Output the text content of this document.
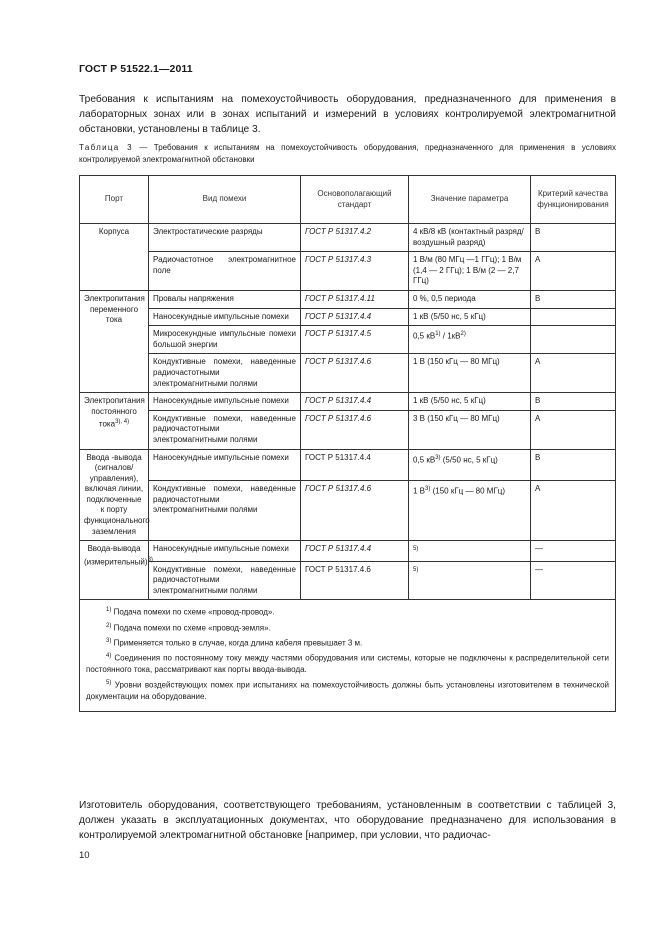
ГОСТ Р 51522.1—2011

Требования к испытаниям на помехоустойчивость оборудования, предназначенного для применения в лабораторных зонах или в зонах испытаний и измерений в условиях контролируемой электромагнитной обстановки, установлены в таблице 3.

Таблица 3 — Требования к испытаниям на помехоустойчивость оборудования, предназначенного для применения в условиях контролируемой электромагнитной обстановки

Порт	Вид помехи	Основополагающий стандарт	Значение параметра	Критерий качества функционирования
Корпуса	Электростатические разряды	ГОСТ Р 51317.4.2	4 кВ/8 кВ (контактный разряд/ воздушный разряд)	B
	Радиочастотное электромагнитное поле	ГОСТ Р 51317.4.3	1 В/м (80 МГц —1 ГГц); 1 В/м (1,4 — 2 ГГц); 1 В/м (2 — 2,7 ГГц)	A
Электропитания переменного тока	Провалы напряжения	ГОСТ Р 51317.4.11	0 %, 0,5 периода	B
	Наносекундные импульсные помехи	ГОСТ Р 51317.4.4	1 кВ (5/50 нс, 5 кГц)	
	Микросекундные импульсные помехи большой энергии	ГОСТ Р 51317.4.5	0,5 $кВ^{1)} / 1кВ^{2)}$	
	Кондуктивные помехи, наведенные радиочастотными электромагнитными полями	ГОСТ Р 51317.4.6	1 В (150 кГц — 80 МГц)	A
Электропитания постоянного тока$^{3), 4)}$	Наносекундные импульсные помехи	ГОСТ Р 51317.4.4	1 кВ (5/50 нс, 5 кГц)	B
	Кондуктивные помехи, наведенные радиочастотными электромагнитными полями	ГОСТ Р 51317.4.6	3 В (150 кГц — 80 МГц)	A
Ввода -вывода (сигналов/ управления), включая линии, подключенные к порту функционального заземления	Наносекундные импульсные помехи	ГОСТ Р 51317.4.4	0,5 $кВ^{3)}$ (5/50 нс, 5 кГц)	B
	Кондуктивные помехи, наведенные радиочастотными электромагнитными полями	ГОСТ Р 51317.4.6	1 $В^{3)}$ (150 кГц — 80 МГц)	A
Ввода-вывода (измерительный)$^{3)}$	Наносекундные импульсные помехи	ГОСТ Р 51317.4.4	$^{5)}$	—
	Кондуктивные помехи, наведенные радиочастотными электромагнитными полями	ГОСТ Р 51317.4.6	$^{5)}$	—

$^{1)}$ Подача помехи по схеме «провод-провод».

$^{2)}$ Подача помехи по схеме «провод-земля».

$^{3)}$ Применяется только в случае, когда длина кабеля превышает 3 м.

$^{4)}$ Соединения по постоянному току между частями оборудования или системы, которые не подключены к распределительной сети постоянного тока, рассматривают как порты ввода-вывода.

$^{5)}$ Уровни воздействующих помех при испытаниях на помехоустойчивость должны быть установлены изготовителем в технической документации на оборудование.				

Изготовитель оборудования, соответствующего требованиям, установленным в соответствии с таблицей 3, должен указать в эксплуатационных документах, что оборудование предназначено для использования в контролируемой электромагнитной обстановке [например, при условии, что радиочас-

10
